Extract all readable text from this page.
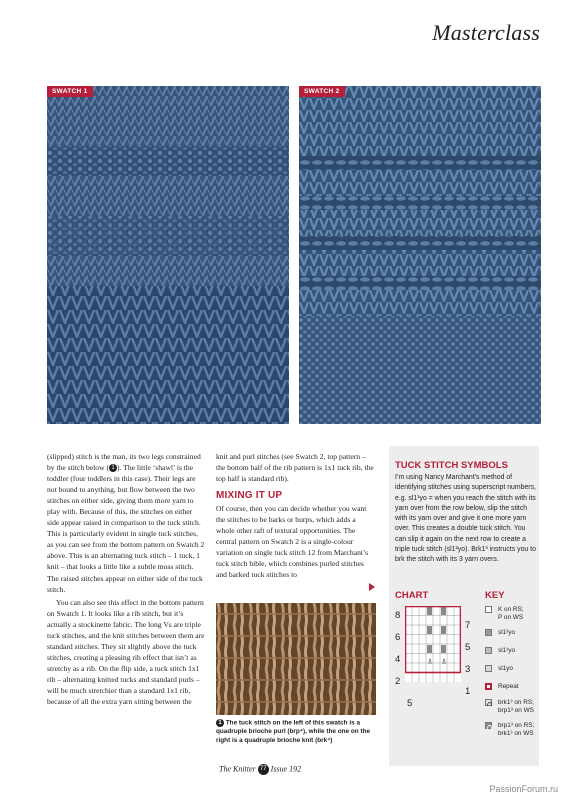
Masterclass
SWATCH 1	SWATCH 2

(slipped) stitch is the man, its two legs constrained by the stitch below ( 1 ). The little ‘shawl’ is the toddler (four toddlers in this case). Their legs are not bound to anything, but flow between the two stitches on either side, giving them more yarn to play with. Because of this, the stitches on either side appear raised in comparison to the tuck stitch. This is particularly evident in single tuck stitches, as you can see from the bottom pattern on Swatch 2 above. This is an alternating tuck stitch – 1 tuck, 1 knit – that looks a little like a subtle moss stitch. The raised stitches appear on either side of the tuck stitch.

You can also see this effect in the bottom pattern on Swatch 1. It looks like a rib stitch, but it’s actually a stockinette fabric. The long Vs are triple tuck stitches, and the knit stitches between them are standard stitches. They sit slightly above the tuck stitches, creating a pleasing rib effect that isn’t as stretchy as a rib. On the flip side, a tuck stitch 1x1 rib – alternating knitted tucks and standard purls – will be much stretchier than a standard 1x1 rib, because of all the extra yarn sitting between the

knit and purl stitches (see Swatch 2, top pattern – the bottom half of the rib pattern is 1x1 tuck rib, the top half is standard rib).

MIXING IT UP

Of course, then you can decide whether you want the stitches to be barks or burps, which adds a whole other raft of textural opportunities. The central pattern on Swatch 2 is a single-colour variation on single tuck stitch 12 from Marchant’s tuck stitch bible, which combines purled stitches and barked tuck stitches to

1 The tuck stitch on the left of this swatch is a quadruple brioche purl (brp⁴), while the one on the right is a quadruple brioche knit (brk⁴)
TUCK STITCH SYMBOLS
I’m using Nancy Marchant’s method of identifying stitches using superscript numbers, e.g. sl1¹yo = when you reach the stitch with its yarn over from the row below, slip the stitch with its yarn over and give it one more yarn over. This creates a double tuck stitch. You can slip it again on the next row to create a triple tuck stitch (sl1²yo). Brk1³ instructs you to brk the stitch with its 3 yarn overs.
CHART	KEY
8
6
4
2
7
5
3
1
5
K on RS;
P on WS
sl1²yo
sl1¹yo
sl1yo
Repeat
brk1³ on RS;
brp1³ on WS
brp1³ on RS;
brk1³ on WS
The Knitter 77 Issue 192
PassionForum.ru
